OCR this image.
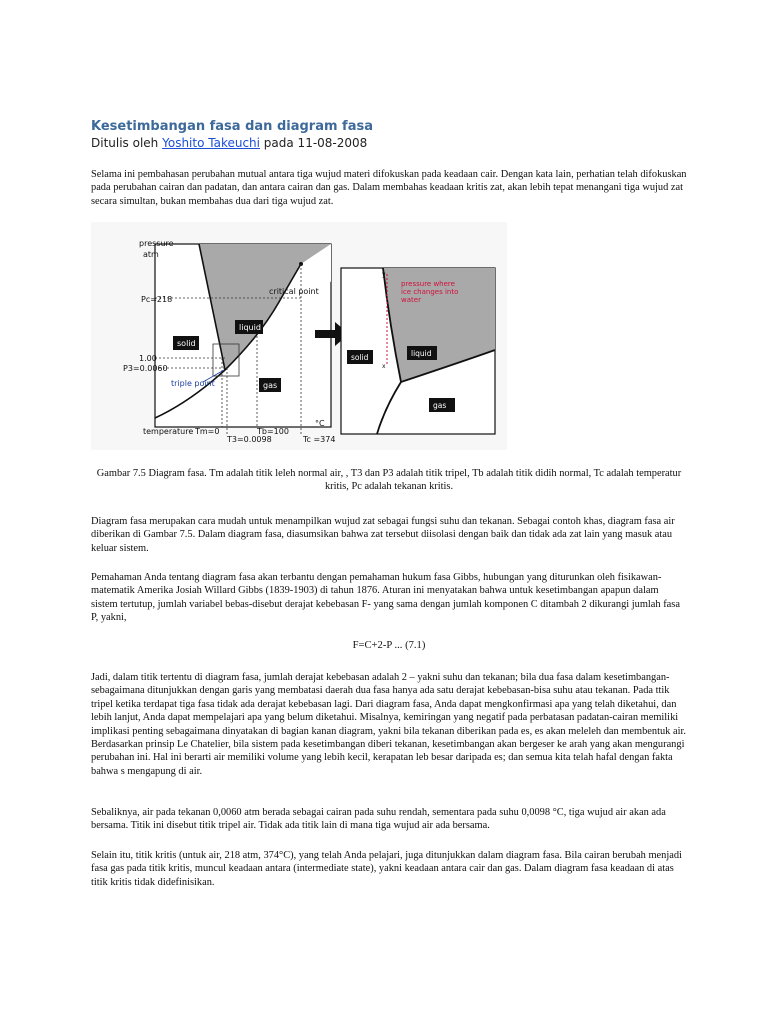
Kesetimbangan fasa dan diagram fasa
Ditulis oleh Yoshito Takeuchi pada 11-08-2008
Selama ini pembahasan perubahan mutual antara tiga wujud materi difokuskan pada keadaan cair. Dengan kata lain, perhatian telah difokuskan pada perubahan cairan dan padatan, dan antara cairan dan gas. Dalam membahas keadaan kritis zat, akan lebih tepat menangani tiga wujud zat secara simultan, bukan membahas dua dari tiga wujud zat.
pressure
atm
Pc=218
1.00
P3=0.0060
temperature
°C
Tm=0
T3=0.0098
Tb=100
Tc =374
critical point
triple point
solid
liquid
gas
y
x
pressure where
ice changes into
water
solid	liquid
gas
Gambar 7.5 Diagram fasa. Tm adalah titik leleh normal air, , T3 dan P3 adalah titik tripel, Tb adalah titik didih normal, Tc adalah temperatur kritis, Pc adalah tekanan kritis.
Diagram fasa merupakan cara mudah untuk menampilkan wujud zat sebagai fungsi suhu dan tekanan. Sebagai contoh khas, diagram fasa air diberikan di Gambar 7.5. Dalam diagram fasa, diasumsikan bahwa zat tersebut diisolasi dengan baik dan tidak ada zat lain yang masuk atau keluar sistem.
Pemahaman Anda tentang diagram fasa akan terbantu dengan pemahaman hukum fasa Gibbs, hubungan yang diturunkan oleh fisikawan-matematik Amerika Josiah Willard Gibbs (1839-1903) di tahun 1876. Aturan ini menyatakan bahwa untuk kesetimbangan apapun dalam sistem tertutup, jumlah variabel bebas-disebut derajat kebebasan F- yang sama dengan jumlah komponen C ditambah 2 dikurangi jumlah fasa P, yakni,
F=C+2-P ... (7.1)
Jadi, dalam titik tertentu di diagram fasa, jumlah derajat kebebasan adalah 2 – yakni suhu dan tekanan; bila dua fasa dalam kesetimbangan-sebagaimana ditunjukkan dengan garis yang membatasi daerah dua fasa hanya ada satu derajat kebebasan-bisa suhu atau tekanan. Pada ttik tripel ketika terdapat tiga fasa tidak ada derajat kebebasan lagi. Dari diagram fasa, Anda dapat mengkonfirmasi apa yang telah diketahui, dan lebih lanjut, Anda dapat mempelajari apa yang belum diketahui. Misalnya, kemiringan yang negatif pada perbatasan padatan-cairan memiliki implikasi penting sebagaimana dinyatakan di bagian kanan diagram, yakni bila tekanan diberikan pada es, es akan meleleh dan membentuk air. Berdasarkan prinsip Le Chatelier, bila sistem pada kesetimbangan diberi tekanan, kesetimbangan akan bergeser ke arah yang akan mengurangi perubahan ini. Hal ini berarti air memiliki volume yang lebih kecil, kerapatan leb besar daripada es; dan semua kita telah hafal dengan fakta bahwa s mengapung di air.
Sebaliknya, air pada tekanan 0,0060 atm berada sebagai cairan pada suhu rendah, sementara pada suhu 0,0098 °C, tiga wujud air akan ada bersama. Titik ini disebut titik tripel air. Tidak ada titik lain di mana tiga wujud air ada bersama.
Selain itu, titik kritis (untuk air, 218 atm, 374°C), yang telah Anda pelajari, juga ditunjukkan dalam diagram fasa. Bila cairan berubah menjadi fasa gas pada titik kritis, muncul keadaan antara (intermediate state), yakni keadaan antara cair dan gas. Dalam diagram fasa keadaan di atas titik kritis tidak didefinisikan.
